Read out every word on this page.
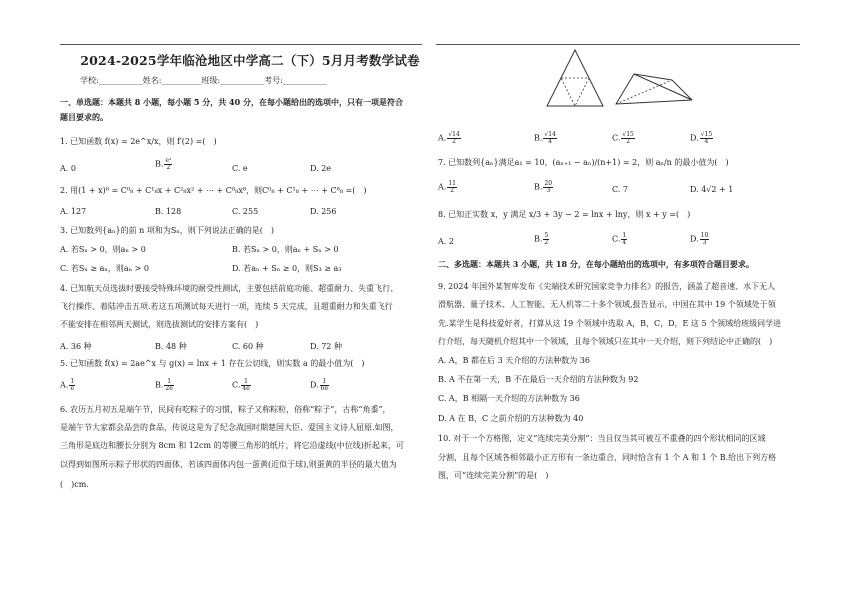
2024-2025学年临沧地区中学高二（下）5月月考数学试卷
学校:___________姓名:__________班级:___________考号:___________
一、单选题：本题共 8 小题，每小题 5 分，共 40 分，在每小题给出的选项中，只有一项是符合
题目要求的。
1. 已知函数 f(x) = 2e^x/x，则 f′(2) =(　)
A. 0	B. $\frac{\text{e²}}{2}$	C. e	D. 2e
2. 用(1 + x)⁸ = C⁰₈ + C¹₈x + C²₈x² + ⋯ + C⁸₈x⁸，则C⁰₈ + C¹₈ + ⋯ + C⁸₈ =(　)
A. 127	B. 128	C. 255	D. 256
3. 已知数列{aₙ}的前 n 项和为Sₙ，则下列说法正确的是(　)
A. 若Sₙ > 0，则aₙ > 0	B. 若Sₙ > 0，则aₙ + Sₙ > 0
C. 若Sₙ ≥ aₙ，则aₙ > 0	D. 若aₙ + Sₙ ≥ 0，则S₃ ≥ a₃
4. 已知航天员选拔时要接受特殊环境的耐受性测试，主要包括前庭功能、超重耐力、失重飞行、
飞行操作、着陆冲击五项.若这五项测试每天进行一项，连续 5 天完成，且超重耐力和失重飞行
不能安排在相邻两天测试，则选拔测试的安排方案有(　)
A. 36 种	B. 48 种	C. 60 种	D. 72 种
5. 已知函数 f(x) = 2ae^x 与 g(x) = lnx + 1 存在公切线，则实数 a 的最小值为(　)
A. $\frac{1}{e}$	B. $\frac{1}{2e}$	C. $\frac{1}{4e}$	D. $\frac{1}{6e}$
6. 农历五月初五是端午节，民间有吃粽子的习惯，粽子又称粽粒，俗称“粽子”，古称“角黍”，
是端午节大家都会品尝的食品，传说这是为了纪念战国时期楚国大臣、爱国主义诗人屈原.如图，
三角形是底边和腰长分别为 8cm 和 12cm 的等腰三角形的纸片，将它沿虚线(中位线)折起来，可
以得到如图所示粽子形状的四面体，若该四面体内包一蛋黄(近似于球),则蛋黄的半径的最大值为
(　)cm.
A. $\frac{√14}{2}$	B. $\frac{√14}{4}$	C. $\frac{√15}{2}$	D. $\frac{√15}{4}$
7. 已知数列{aₙ}满足a₁ = 10，(aₙ₊₁ − aₙ)/(n+1) = 2，则 aₙ/n 的最小值为(　)
A. $\frac{11}{2}$	B. $\frac{20}{3}$	C. 7	D. 4√2 + 1
8. 已知正实数 x，y 满足 x/3 + 3y − 2 = lnx + lny，则 x + y =(　)
A. 2	B. $\frac{5}{2}$	C. $\frac{1}{4}$	D. $\frac{10}{3}$
二、多选题：本题共 3 小题，共 18 分，在每小题给出的选项中，有多项符合题目要求。
9. 2024 年国外某智库发布《尖端技术研究国家竞争力排名》的报告，涵盖了超音速、水下无人
滑航器、量子技术、人工智能、无人机等二十多个领域,报告显示，中国在其中 19 个领域处于领
先.某学生是科技爱好者，打算从这 19 个领域中选取 A，B，C，D，E 这 5 个领域给班级同学进
行介绍，每天随机介绍其中一个领域，且每个领域只在其中一天介绍，则下列结论中正确的(　)
A. A，B 都在后 3 天介绍的方法种数为 36
B. A 不在第一天，B 不在最后一天介绍的方法种数为 92
C. A，B 相隔一天介绍的方法种数为 36
D. A 在 B，C 之前介绍的方法种数为 40
10. 对于一个方格图，定义“连续完美分割”：当且仅当其可被互不重叠的四个形状相同的区域
分割，且每个区域各相邻最小正方形有一条边重合，同时恰含有 1 个 A 和 1 个 B.给出下列方格
图，可“连续完美分割”的是(　)
